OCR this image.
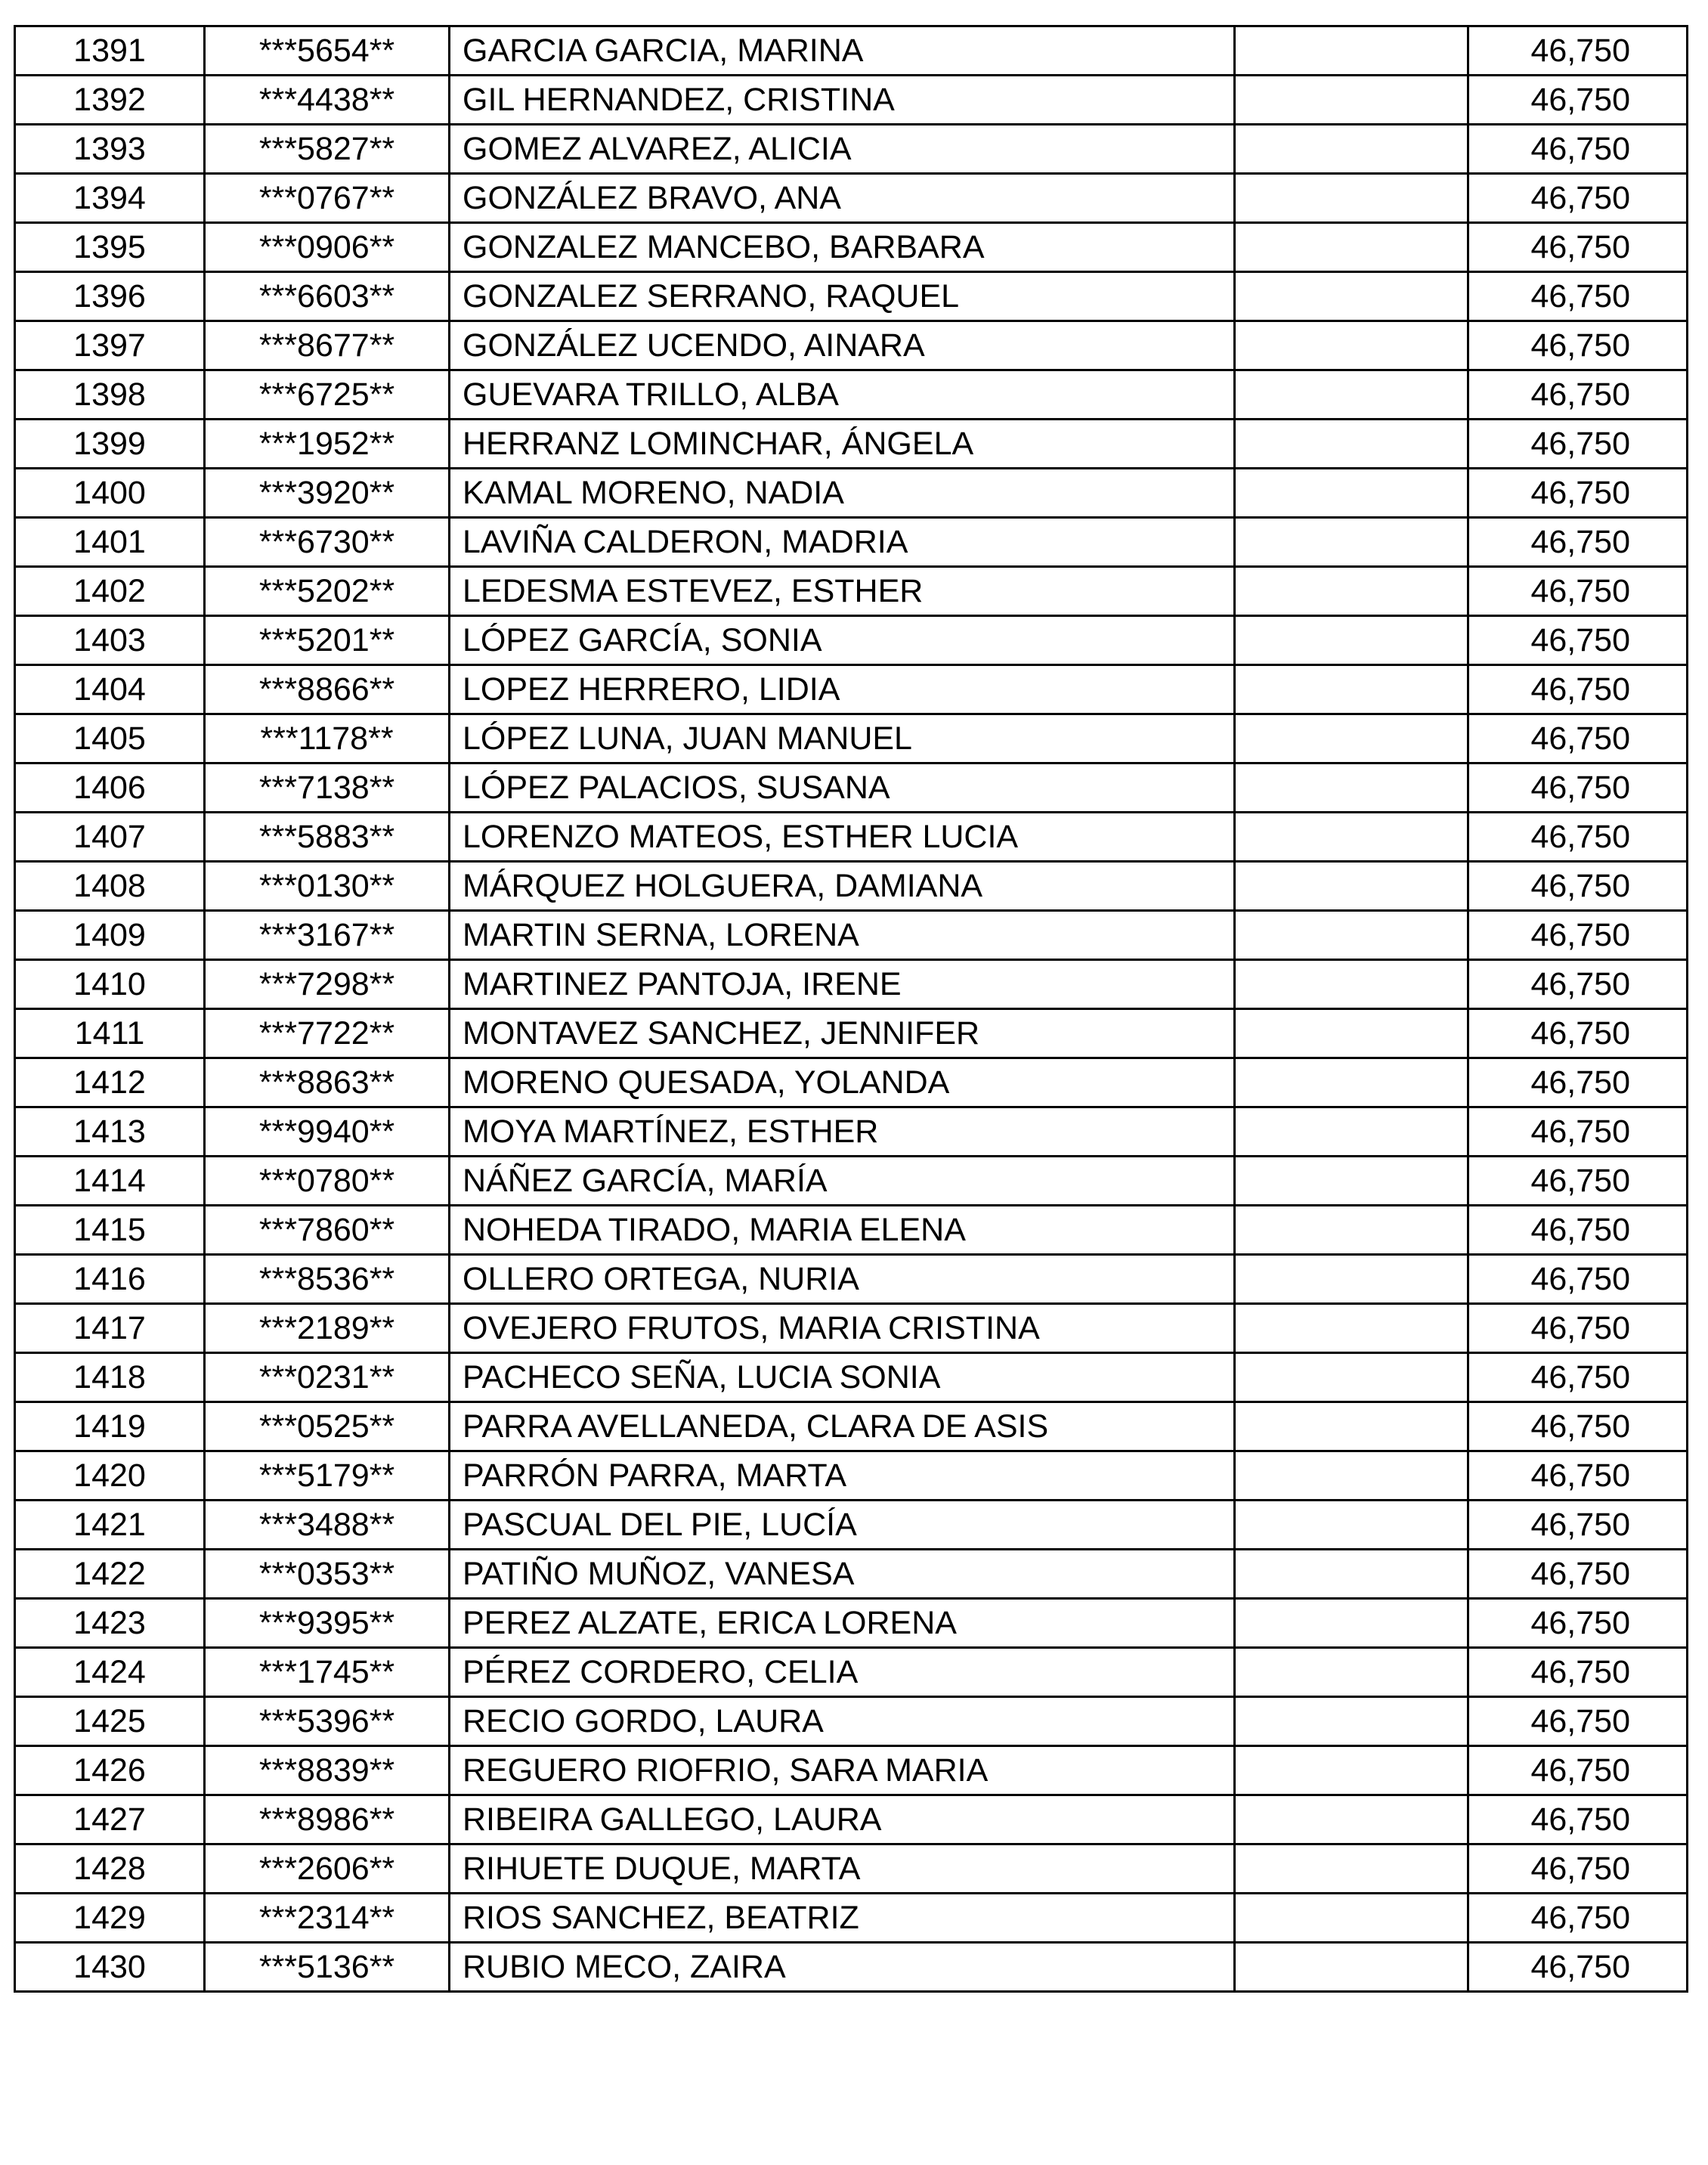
1391	***5654**	GARCIA GARCIA, MARINA		46,750
1392	***4438**	GIL HERNANDEZ, CRISTINA		46,750
1393	***5827**	GOMEZ ALVAREZ, ALICIA		46,750
1394	***0767**	GONZÁLEZ BRAVO, ANA		46,750
1395	***0906**	GONZALEZ MANCEBO, BARBARA		46,750
1396	***6603**	GONZALEZ SERRANO, RAQUEL		46,750
1397	***8677**	GONZÁLEZ UCENDO, AINARA		46,750
1398	***6725**	GUEVARA TRILLO, ALBA		46,750
1399	***1952**	HERRANZ LOMINCHAR, ÁNGELA		46,750
1400	***3920**	KAMAL MORENO, NADIA		46,750
1401	***6730**	LAVIÑA CALDERON, MADRIA		46,750
1402	***5202**	LEDESMA ESTEVEZ, ESTHER		46,750
1403	***5201**	LÓPEZ GARCÍA, SONIA		46,750
1404	***8866**	LOPEZ HERRERO, LIDIA		46,750
1405	***1178**	LÓPEZ LUNA, JUAN MANUEL		46,750
1406	***7138**	LÓPEZ PALACIOS, SUSANA		46,750
1407	***5883**	LORENZO MATEOS, ESTHER LUCIA		46,750
1408	***0130**	MÁRQUEZ HOLGUERA, DAMIANA		46,750
1409	***3167**	MARTIN SERNA, LORENA		46,750
1410	***7298**	MARTINEZ PANTOJA, IRENE		46,750
1411	***7722**	MONTAVEZ SANCHEZ, JENNIFER		46,750
1412	***8863**	MORENO QUESADA, YOLANDA		46,750
1413	***9940**	MOYA MARTÍNEZ, ESTHER		46,750
1414	***0780**	NÁÑEZ GARCÍA, MARÍA		46,750
1415	***7860**	NOHEDA TIRADO, MARIA ELENA		46,750
1416	***8536**	OLLERO ORTEGA, NURIA		46,750
1417	***2189**	OVEJERO FRUTOS, MARIA CRISTINA		46,750
1418	***0231**	PACHECO SEÑA, LUCIA SONIA		46,750
1419	***0525**	PARRA AVELLANEDA, CLARA DE ASIS		46,750
1420	***5179**	PARRÓN PARRA, MARTA		46,750
1421	***3488**	PASCUAL DEL PIE, LUCÍA		46,750
1422	***0353**	PATIÑO MUÑOZ, VANESA		46,750
1423	***9395**	PEREZ ALZATE, ERICA LORENA		46,750
1424	***1745**	PÉREZ CORDERO, CELIA		46,750
1425	***5396**	RECIO GORDO, LAURA		46,750
1426	***8839**	REGUERO RIOFRIO, SARA MARIA		46,750
1427	***8986**	RIBEIRA GALLEGO, LAURA		46,750
1428	***2606**	RIHUETE DUQUE, MARTA		46,750
1429	***2314**	RIOS SANCHEZ, BEATRIZ		46,750
1430	***5136**	RUBIO MECO, ZAIRA		46,750
